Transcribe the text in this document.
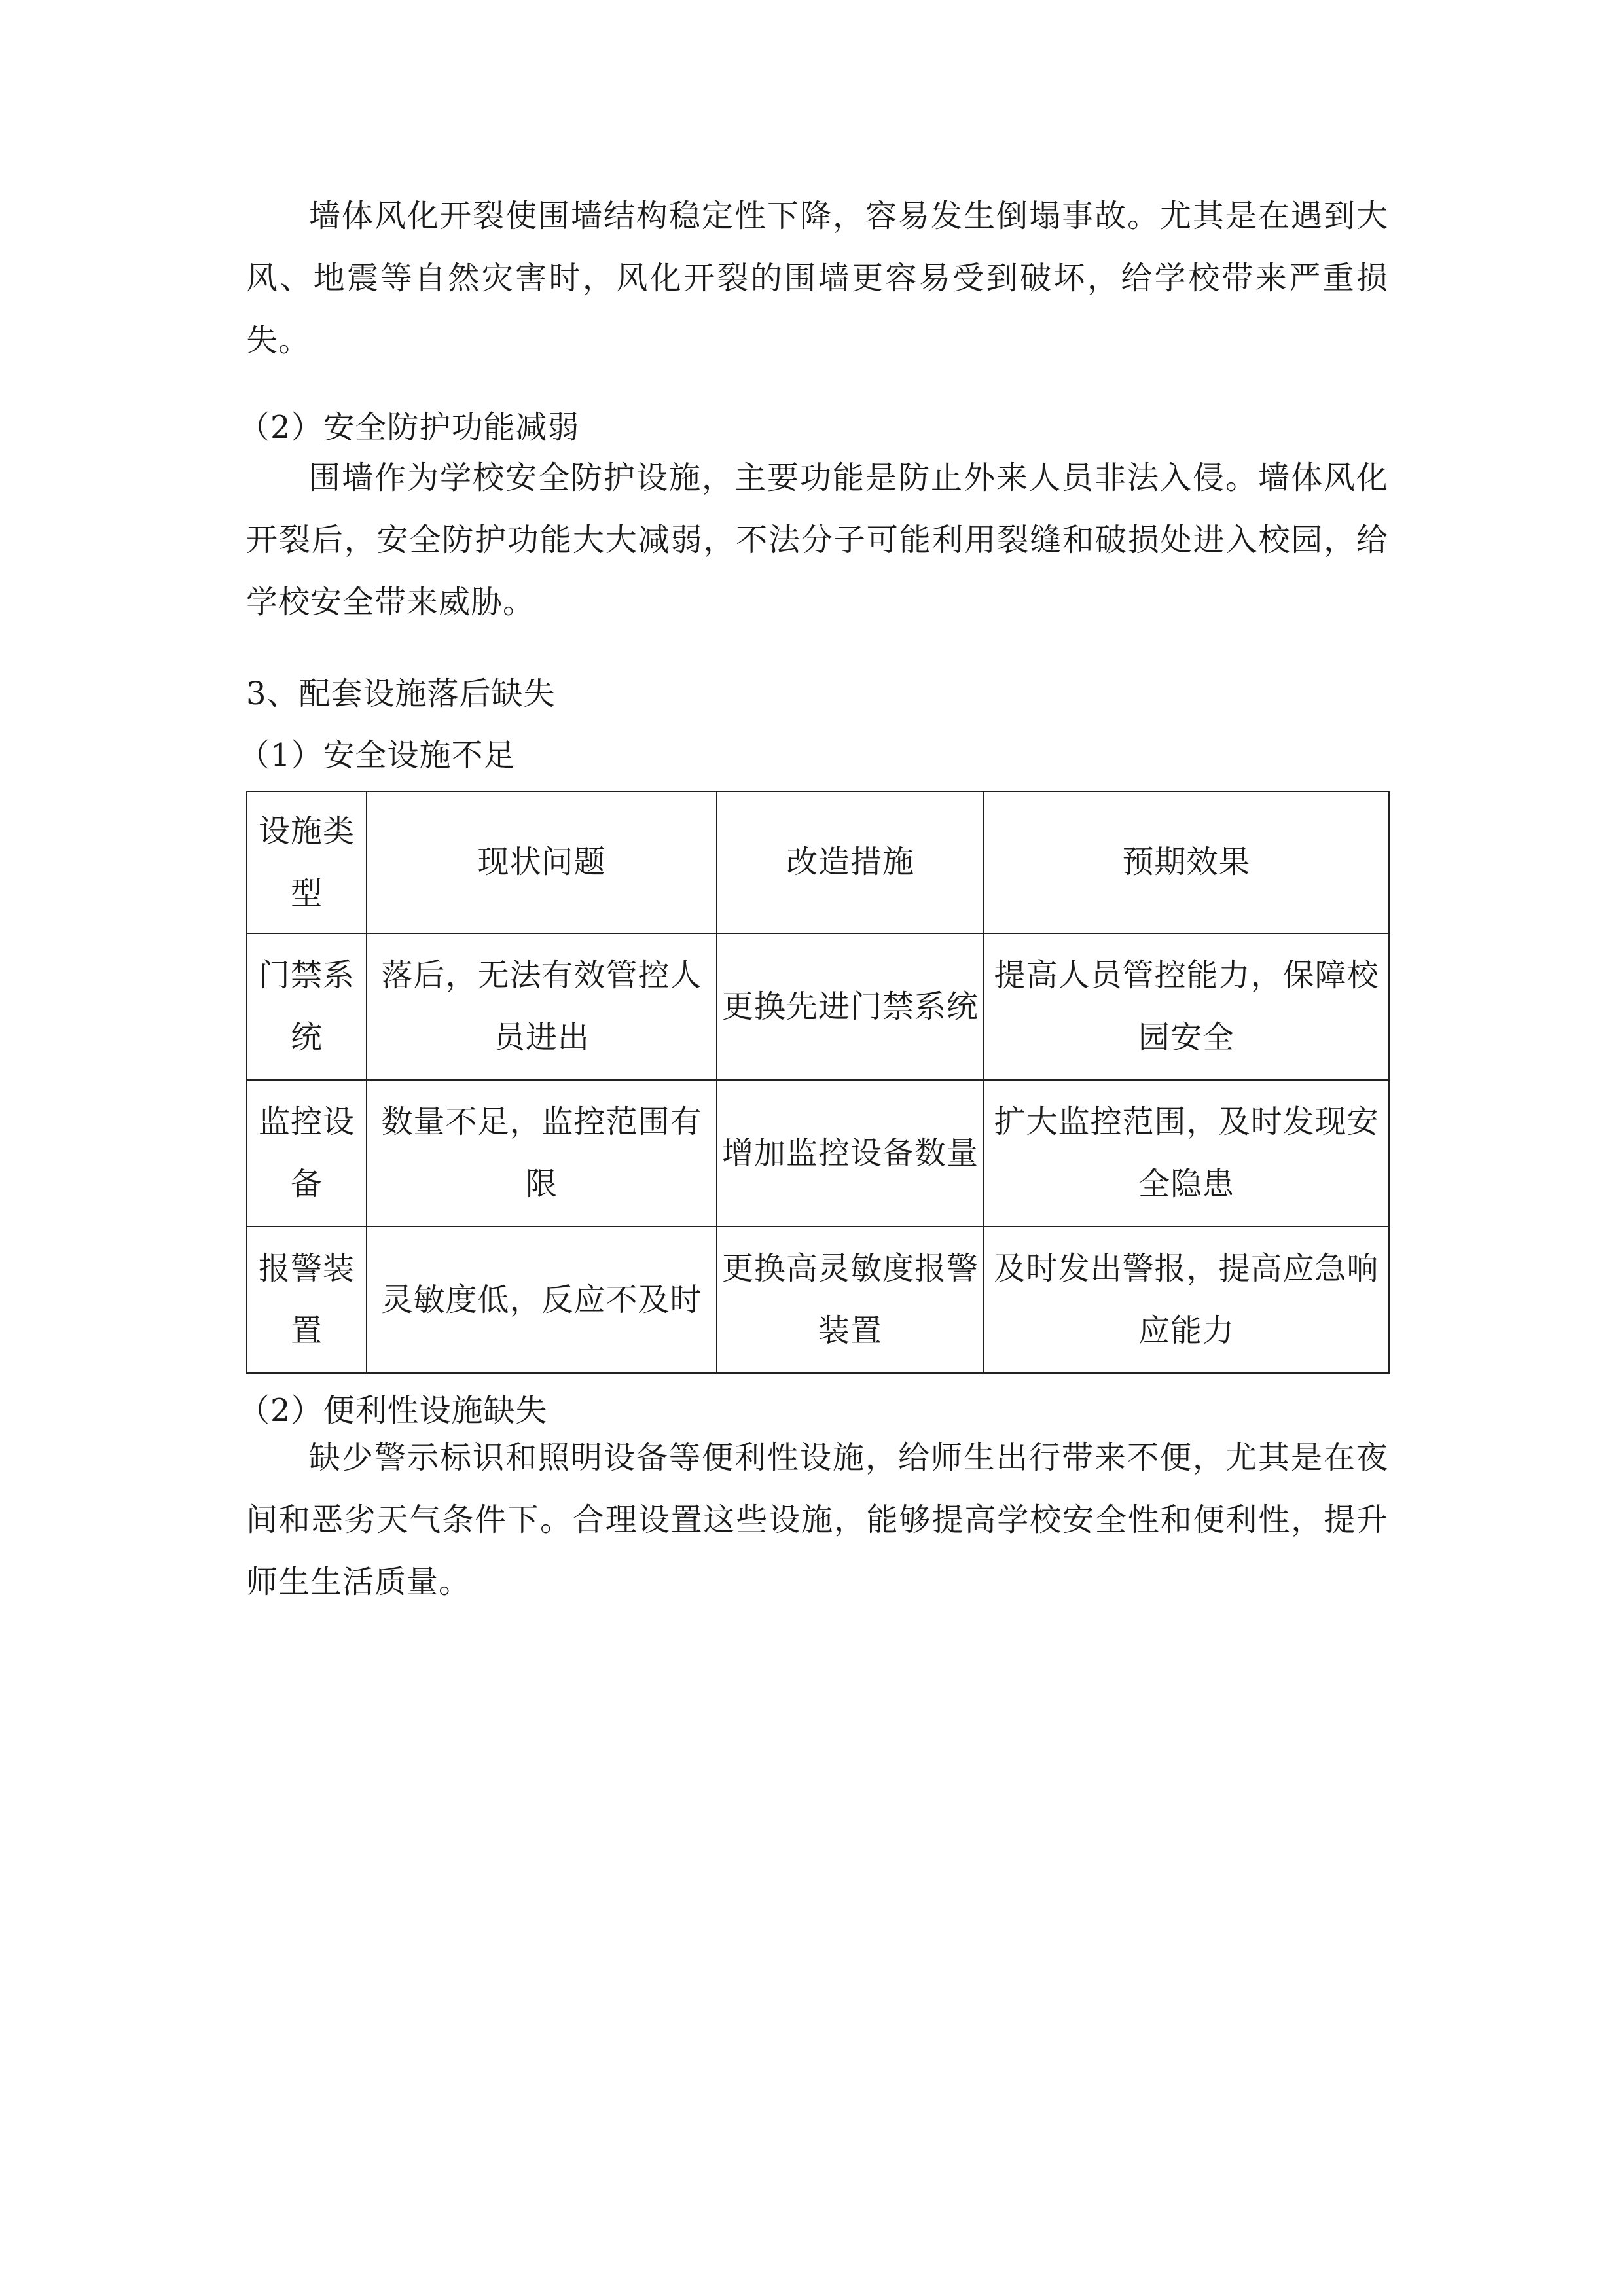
墙体风化开裂使围墙结构稳定性下降，容易发生倒塌事故。尤其是在遇到大风、地震等自然灾害时，风化开裂的围墙更容易受到破坏，给学校带来严重损失。

（2）安全防护功能减弱

围墙作为学校安全防护设施，主要功能是防止外来人员非法入侵。墙体风化开裂后，安全防护功能大大减弱，不法分子可能利用裂缝和破损处进入校园，给学校安全带来威胁。

3、配套设施落后缺失

（1）安全设施不足

设施类型	现状问题	改造措施	预期效果
门禁系统	落后，无法有效管控人员进出	更换先进门禁系统	提高人员管控能力，保障校园安全
监控设备	数量不足，监控范围有限	增加监控设备数量	扩大监控范围，及时发现安全隐患
报警装置	灵敏度低，反应不及时	更换高灵敏度报警装置	及时发出警报，提高应急响应能力

（2）便利性设施缺失

缺少警示标识和照明设备等便利性设施，给师生出行带来不便，尤其是在夜间和恶劣天气条件下。合理设置这些设施，能够提高学校安全性和便利性，提升师生生活质量。
